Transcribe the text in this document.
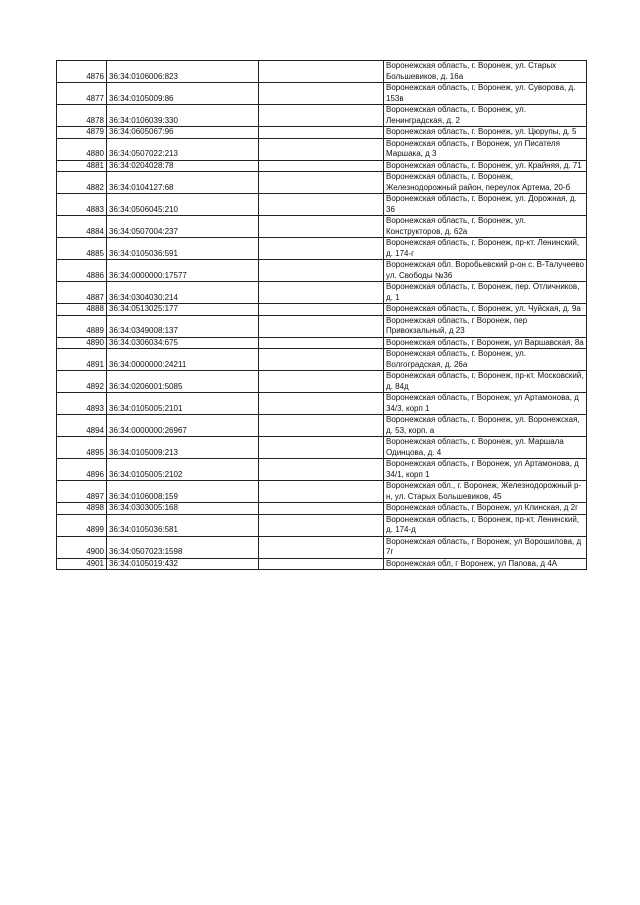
4876	36:34:0106006:823		Воронежская область, г. Воронеж, ул. Старых Большевиков, д. 16а
4877	36:34:0105009:86		Воронежская область, г. Воронеж, ул. Суворова, д. 153в
4878	36:34:0106039:330		Воронежская область, г. Воронеж, ул. Ленинградская, д. 2
4879	36:34:0605067:96		Воронежская область, г. Воронеж, ул. Цюрупы, д. 5
4880	36:34:0507022:213		Воронежская область, г Воронеж, ул Писателя Маршака, д 3
4881	36:34:0204028:78		Воронежская область, г. Воронеж, ул. Крайняя, д. 71
4882	36:34:0104127:68		Воронежская область, г. Воронеж, Железнодорожный район, переулок Артема, 20-б
4883	36:34:0506045:210		Воронежская область, г. Воронеж, ул. Дорожная, д. 36
4884	36:34:0507004:237		Воронежская область, г. Воронеж, ул. Конструкторов, д. 62а
4885	36:34:0105036:591		Воронежская область, г. Воронеж, пр-кт. Ленинский, д. 174-г
4886	36:34:0000000:17577		Воронежская обл. Воробьевский р-он с. В-Талучеево ул. Свободы №36
4887	36:34:0304030:214		Воронежская область, г. Воронеж, пер. Отличников, д. 1
4888	36:34:0513025:177		Воронежская область, г. Воронеж, ул. Чуйская, д. 9а
4889	36:34:0349008:137		Воронежская область, г Воронеж, пер Привокзальный, д 23
4890	36:34:0306034:675		Воронежская область, г Воронеж, ул Варшавская, 8а
4891	36:34:0000000:24211		Воронежская область, г. Воронеж, ул. Волгоградская, д. 26а
4892	36:34:0206001:5085		Воронежская область, г. Воронеж, пр-кт. Московский, д. 84д
4893	36:34:0105005:2101		Воронежская область, г Воронеж, ул Артамонова, д 34/3, корп 1
4894	36:34:0000000:26967		Воронежская область, г. Воронеж, ул. Воронежская, д. 53, корп. а
4895	36:34:0105009:213		Воронежская область, г. Воронеж, ул. Маршала Одинцова, д. 4
4896	36:34:0105005:2102		Воронежская область, г Воронеж, ул Артамонова, д 34/1, корп 1
4897	36:34:0106008:159		Воронежская обл., г. Воронеж, Железнодорожный р-н, ул. Старых Большевиков, 45
4898	36:34:0303005:168		Воронежская область, г Воронеж, ул Клинская, д 2г
4899	36:34:0105036:581		Воронежская область, г. Воронеж, пр-кт. Ленинский, д. 174-д
4900	36:34:0507023:1598		Воронежская область, г Воронеж, ул Ворошилова, д 7г
4901	36:34:0105019:432		Воронежская обл, г Воронеж, ул Папова, д 4А
